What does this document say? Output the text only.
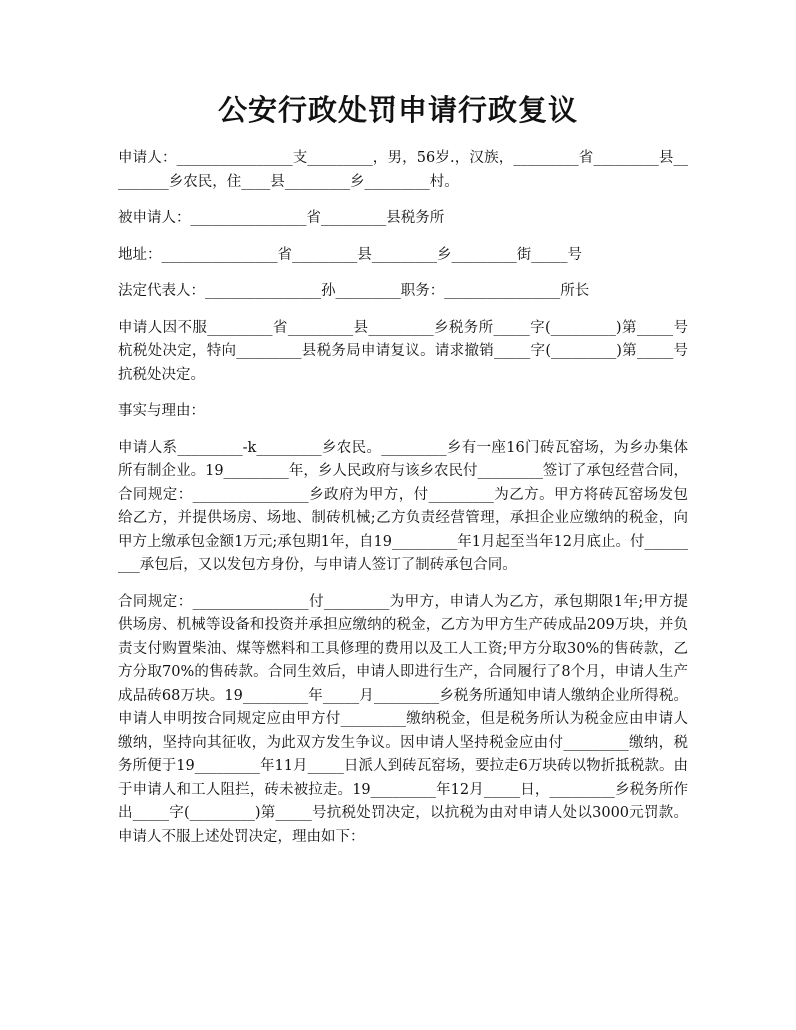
公安行政处罚申请行政复议

申请人：________________支_________，男，56岁.，汉族，_________省_________县_________乡农民，住____县_________乡_________村。

被申请人：________________省_________县税务所

地址：________________省_________县_________乡_________街_____号

法定代表人：________________孙_________职务：________________所长

申请人因不服_________省_________县_________乡税务所_____字(_________)第_____号杭税处决定，特向_________县税务局申请复议。请求撤销_____字(_________)第_____号抗税处决定。

事实与理由：

申请人系_________-k_________乡农民。_________乡有一座16门砖瓦窑场，为乡办集体所有制企业。19_________年，乡人民政府与该乡农民付_________签订了承包经营合同，合同规定：________________乡政府为甲方，付_________为乙方。甲方将砖瓦窑场发包给乙方，并提供场房、场地、制砖机械;乙方负责经营管理，承担企业应缴纳的税金，向甲方上缴承包金额1万元;承包期1年，自19_________年1月起至当年12月底止。付_________承包后，又以发包方身份，与申请人签订了制砖承包合同。

合同规定：________________付_________为甲方，申请人为乙方，承包期限1年;甲方提供场房、机械等设备和投资并承担应缴纳的税金，乙方为甲方生产砖成品209万块，并负责支付购置柴油、煤等燃料和工具修理的费用以及工人工资;甲方分取30%的售砖款，乙方分取70%的售砖款。合同生效后，申请人即进行生产，合同履行了8个月，申请人生产成品砖68万块。19_________年_____月_________乡税务所通知申请人缴纳企业所得税。申请人申明按合同规定应由甲方付_________缴纳税金，但是税务所认为税金应由申请人缴纳，坚持向其征收，为此双方发生争议。因申请人坚持税金应由付_________缴纳，税务所便于19_________年11月_____日派人到砖瓦窑场，要拉走6万块砖以物折抵税款。由于申请人和工人阻拦，砖未被拉走。19_________年12月_____日，_________乡税务所作出_____字(_________)第_____号抗税处罚决定，以抗税为由对申请人处以3000元罚款。申请人不服上述处罚决定，理由如下：
